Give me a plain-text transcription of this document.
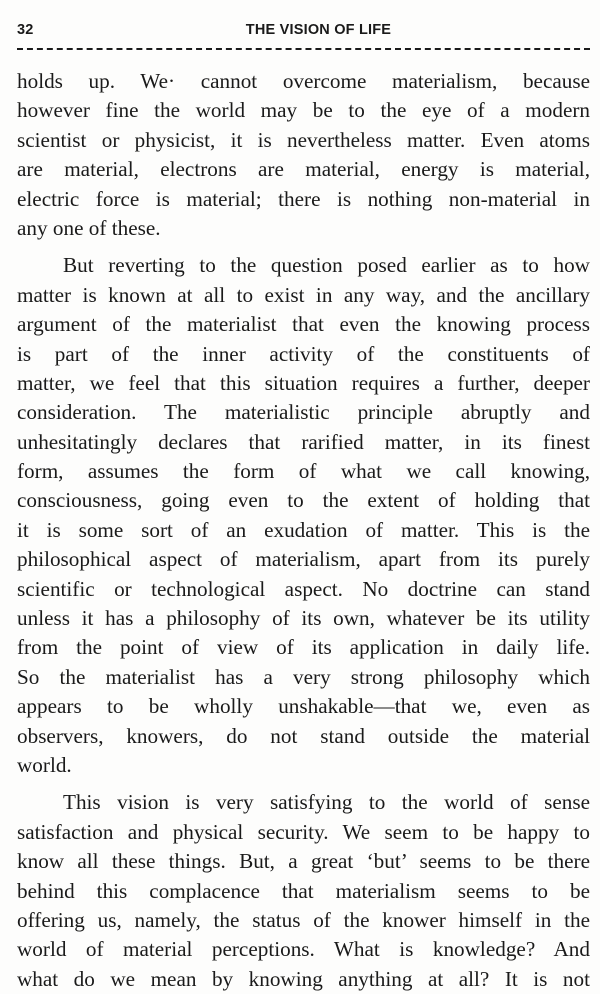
32	THE VISION OF LIFE
holds up. We· cannot overcome materialism, because
however fine the world may be to the eye of a modern
scientist or physicist, it is nevertheless matter. Even atoms
are material, electrons are material, energy is material,
electric force is material; there is nothing non-material in
any one of these.
But reverting to the question posed earlier as to how
matter is known at all to exist in any way, and the ancillary
argument of the materialist that even the knowing process
is part of the inner activity of the constituents of
matter, we feel that this situation requires a further, deeper
consideration. The materialistic principle abruptly and
unhesitatingly declares that rarified matter, in its finest
form, assumes the form of what we call knowing,
consciousness, going even to the extent of holding that
it is some sort of an exudation of matter. This is the
philosophical aspect of materialism, apart from its purely
scientific or technological aspect. No doctrine can stand
unless it has a philosophy of its own, whatever be its utility
from the point of view of its application in daily life.
So the materialist has a very strong philosophy which
appears to be wholly unshakable—that we, even as
observers, knowers, do not stand outside the material
world.
This vision is very satisfying to the world of sense
satisfaction and physical security. We seem to be happy to
know all these things. But, a great ‘but’ seems to be there
behind this complacence that materialism seems to be
offering us, namely, the status of the knower himself in the
world of material perceptions. What is knowledge? And
what do we mean by knowing anything at all? It is not
